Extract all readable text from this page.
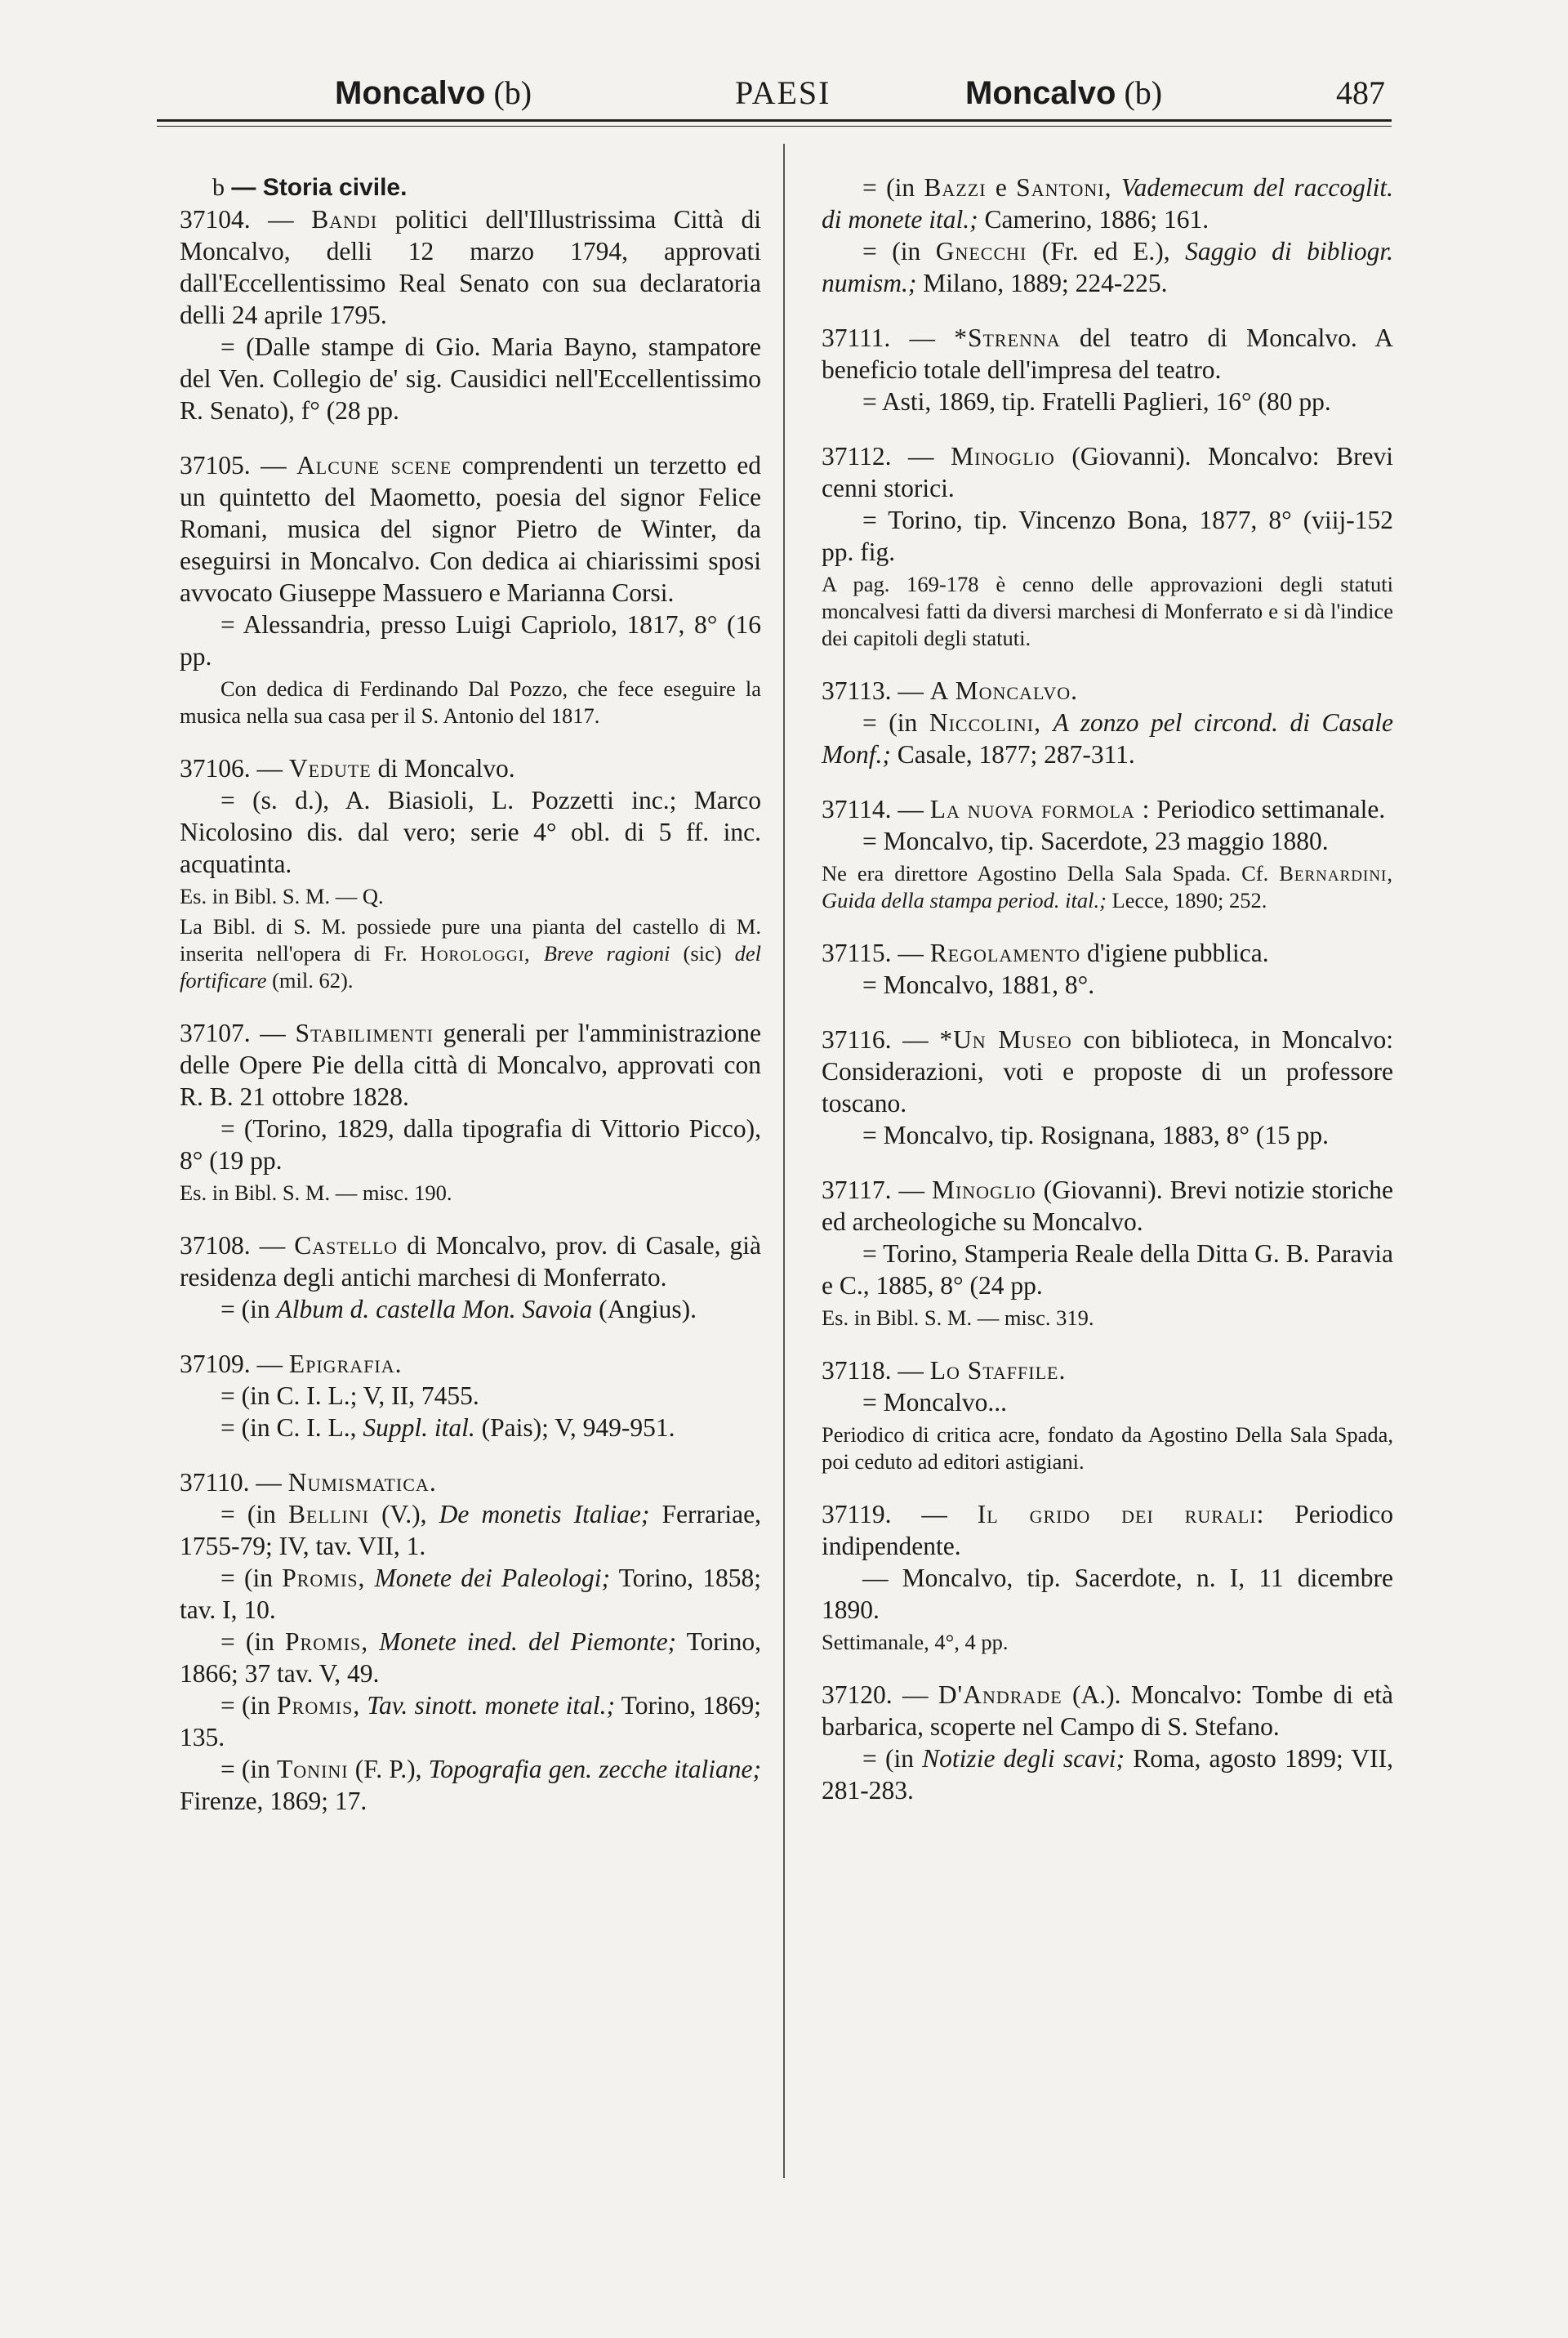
Moncalvo (b)	PAESI	Moncalvo (b)	487

b — Storia civile.

37104. — Bandi politici dell'Illustrissima Città di Moncalvo, delli 12 marzo 1794, approvati dall'Eccellentissimo Real Senato con sua declaratoria delli 24 aprile 1795.

= (Dalle stampe di Gio. Maria Bayno, stampatore del Ven. Collegio de' sig. Causidici nell'Eccellentissimo R. Senato), f° (28 pp.

37105. — Alcune scene comprendenti un terzetto ed un quintetto del Maometto, poesia del signor Felice Romani, musica del signor Pietro de Winter, da eseguirsi in Moncalvo. Con dedica ai chiarissimi sposi avvocato Giuseppe Massuero e Marianna Corsi.

= Alessandria, presso Luigi Capriolo, 1817, 8° (16 pp.

Con dedica di Ferdinando Dal Pozzo, che fece eseguire la musica nella sua casa per il S. Antonio del 1817.

37106. — Vedute di Moncalvo.

= (s. d.), A. Biasioli, L. Pozzetti inc.; Marco Nicolosino dis. dal vero; serie 4° obl. di 5 ff. inc. acquatinta.

Es. in Bibl. S. M. — Q.

La Bibl. di S. M. possiede pure una pianta del castello di M. inserita nell'opera di Fr. Horologgi, Breve ragioni (sic) del fortificare (mil. 62).

37107. — Stabilimenti generali per l'amministrazione delle Opere Pie della città di Moncalvo, approvati con R. B. 21 ottobre 1828.

= (Torino, 1829, dalla tipografia di Vittorio Picco), 8° (19 pp.

Es. in Bibl. S. M. — misc. 190.

37108. — Castello di Moncalvo, prov. di Casale, già residenza degli antichi marchesi di Monferrato.

= (in Album d. castella Mon. Savoia (Angius).

37109. — Epigrafia.

= (in C. I. L.; V, II, 7455.

= (in C. I. L., Suppl. ital. (Pais); V, 949-951.

37110. — Numismatica.

= (in Bellini (V.), De monetis Italiae; Ferrariae, 1755-79; IV, tav. VII, 1.

= (in Promis, Monete dei Paleologi; Torino, 1858; tav. I, 10.

= (in Promis, Monete ined. del Piemonte; Torino, 1866; 37 tav. V, 49.

= (in Promis, Tav. sinott. monete ital.; Torino, 1869; 135.

= (in Tonini (F. P.), Topografia gen. zecche italiane; Firenze, 1869; 17.

= (in Bazzi e Santoni, Vademecum del raccoglit. di monete ital.; Camerino, 1886; 161.

= (in Gnecchi (Fr. ed E.), Saggio di bibliogr. numism.; Milano, 1889; 224-225.

37111. — *Strenna del teatro di Moncalvo. A beneficio totale dell'impresa del teatro.

= Asti, 1869, tip. Fratelli Paglieri, 16° (80 pp.

37112. — Minoglio (Giovanni). Moncalvo: Brevi cenni storici.

= Torino, tip. Vincenzo Bona, 1877, 8° (viij-152 pp. fig.

A pag. 169-178 è cenno delle approvazioni degli statuti moncalvesi fatti da diversi marchesi di Monferrato e si dà l'indice dei capitoli degli statuti.

37113. — A Moncalvo.

= (in Niccolini, A zonzo pel circond. di Casale Monf.; Casale, 1877; 287-311.

37114. — La nuova formola : Periodico settimanale.

= Moncalvo, tip. Sacerdote, 23 maggio 1880.

Ne era direttore Agostino Della Sala Spada. Cf. Bernardini, Guida della stampa period. ital.; Lecce, 1890; 252.

37115. — Regolamento d'igiene pubblica.

= Moncalvo, 1881, 8°.

37116. — *Un Museo con biblioteca, in Moncalvo: Considerazioni, voti e proposte di un professore toscano.

= Moncalvo, tip. Rosignana, 1883, 8° (15 pp.

37117. — Minoglio (Giovanni). Brevi notizie storiche ed archeologiche su Moncalvo.

= Torino, Stamperia Reale della Ditta G. B. Paravia e C., 1885, 8° (24 pp.

Es. in Bibl. S. M. — misc. 319.

37118. — Lo Staffile.

= Moncalvo...

Periodico di critica acre, fondato da Agostino Della Sala Spada, poi ceduto ad editori astigiani.

37119. — Il grido dei rurali: Periodico indipendente.

— Moncalvo, tip. Sacerdote, n. I, 11 dicembre 1890.

Settimanale, 4°, 4 pp.

37120. — D'Andrade (A.). Moncalvo: Tombe di età barbarica, scoperte nel Campo di S. Stefano.

= (in Notizie degli scavi; Roma, agosto 1899; VII, 281-283.
